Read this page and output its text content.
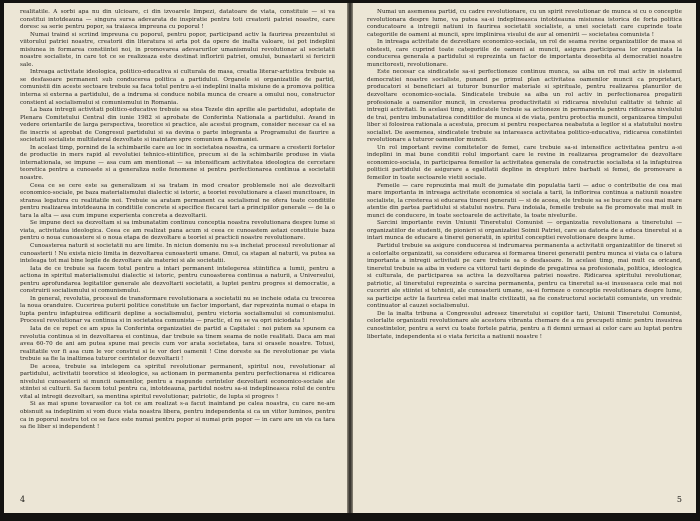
realitatile. A sorbi apa nu din ulcioare, ci din izvoarele limpezi, datatoare de viata, constituie — si va constitui intotdeauna — singura sursa adevarata de inspiratie pentru toti creatorii patriei noastre, care doresc sa serie pentru popor, sa traiasca impreuna cu poporul !

Numai traind si scriind impreuna cu poporul, pentru popor, participand activ la faurirea prezentului si viitorului patriei noastre, creatorii din literatura si arta pot da opere de inalta valoare, isi pot indeplini misiunea in formarea constiintei noi, in promovarea adevarurilor umanismului revolutionar al societatii noastre socialiste, in care tot ce se realizeaza este destinat infloririi patriei, omului, bunastarii si fericirii sale.

Intreaga activitate ideologica, politico-educativa si culturala de masa, creatia literar-artistica trebuie sa se desfasoare permanent sub conducerea politica a partidului. Organele si organizatiile de partid, comunistii din aceste sectoare trebuie sa faca totul pentru a-si indeplini inalta misiune de a promova politica interna si externa a partidului, de a indruma si conduce nobila munca de creare a omului nou, constructor constient al socialismului si comunismului in Romania.

La baza intregii activitati politico-educative trebuie sa stea Tezele din aprilie ale partidului, adoptate de Plenara Comitetului Central din iunie 1982 si aprobate de Conferinta Nationala a partidului. Avand in vedere orientarile de larga perspectiva, teoretice si practice, ale acestui program, consider necesar ca el sa fie inscris si aprobat de Congresul partidului si sa devina o parte integranta a Programului de faurire a societatii socialiste multilateral dezvoltate si inaintare spre comunism a Romaniei.

In acelasi timp, pornind de la schimbarile care au loc in societatea noastra, ca urmare a cresterii fortelor de productie in mers rapid al revolutiei tehnico-stiintifice, precum si de la schimbarile produse in viata internationala, se impune — asa cum am mentionat — sa intensificam activitatea ideologica de cercetare teoretica pentru a cunoaste si a generaliza noile fenomene si pentru perfectionarea continua a societatii noastre.

Ceea ce se cere este sa generalizam si sa tratam in mod creator problemele noi ale dezvoltarii economico-sociale, pe baza materialismului dialectic si istoric, a teoriei revolutionare a clasei muncitoare, in stransa legatura cu realitatile noi. Trebuie sa aratam permanent ca socialismul ne ofera toate conditiile pentru realizarea intotdeauna in conditiile concrete si specifice fiecarei tari a principiilor generale — de la o tara la alta — asa cum impune experienta concreta a dezvoltarii.

Se impune deci sa dezvoltam si sa imbunatatim continuu conceptia noastra revolutionara despre lume si viata, activitatea ideologica. Ceea ce am realizat pana acum si ceea ce cunoastem astazi constituie baza pentru o noua cunoastere si o noua etapa de dezvoltare a teoriei si practicii noastre revolutionare.

Cunoasterea naturii si societatii nu are limite. In niciun domeniu nu s-a incheiat procesul revolutionar al cunoasterii ! Nu exista nicio limita in dezvoltarea cunoasterii umane. Omul, ca stapan al naturii, va putea sa inteleaga tot mai bine legile de dezvoltare ale materiei si ale societatii.

Iata de ce trebuie sa facem totul pentru a intari permanent intelegerea stiintifica a lumii, pentru a actiona in spiritul materialismului dialectic si istoric, pentru cunoasterea continua a naturii, a Universului, pentru aprofundarea legitatilor generale ale dezvoltarii societatii, a luptei pentru progres si democratie, a construirii socialismului si comunismului.

In general, revolutia, procesul de transformare revolutionara a societatii nu se incheie odata cu trecerea la noua oranduire. Cucerirea puterii politice constituie un factor important, dar reprezinta numai o etapa in lupta pentru infaptuirea edificarii depline a socialismului, pentru victoria socialismului si comunismului. Procesul revolutionar va continua si in societatea comunista — practic, el nu se va opri niciodata !

Iata de ce repet ce am spus la Conferinta organizatiei de partid a Capitalei : noi putem sa spunem ca revolutia continua si in dezvoltarea ei continua, dar trebuie sa tinem seama de noile realitati. Daca am mai avea 60-70 de ani am putea spune mai precis cum vor arata societatea, tara si orasele noastre. Totusi, realitatile vor fi asa cum le vor construi si le vor dori oamenii ! Cine doreste sa fie revolutionar pe viata trebuie sa fie la inaltimea tuturor cerintelor dezvoltarii !

De aceea, trebuie sa intelegem ca spiritul revolutionar permanent, spiritul nou, revolutionar al partidului, activitatii teoretice si ideologice, sa actionam in permanenta pentru perfectionarea si ridicarea nivelului cunoasterii si muncii oamenilor, pentru a raspunde cerintelor dezvoltarii economico-sociale ale stiintei si culturii. Sa facem totul pentru ca, intotdeauna, partidul nostru sa-si indeplineasca rolul de centru vital al intregii dezvoltari, sa mentina spiritul revolutionar, patriotic, de lupta si progres !

Si as mai spune tovarasilor ca tot ce am realizat s-a facut inaintand pe calea noastra, cu care ne-am obisnuit sa indeplinim si vom duce viata noastra libera, pentru independenta si ca un viitor luminos, pentru ca in poporul nostru tot ce se face este numai pentru popor si numai prin popor — in care are un vis ca tara sa fie liber si independent !

4

Numai un asemenea partid, cu cadre revolutionare, cu un spirit revolutionar de munca si cu o conceptie revolutionara despre lume, va putea sa-si indeplineasca intotdeauna misiunea istorica de forta politica conducatoare a intregii natiuni in faurirea societatii socialiste, a unei societati care cuprinde toate categoriile de oameni ai muncii, spre implinirea visului de aur al omenirii — societatea comunista !

In intreaga activitate de dezvoltare economico-sociala, un rol de seama revine organizatiilor de masa si obstesti, care cuprind toate categoriile de oameni ai muncii, asigura participarea lor organizata la conducerea generala a partidului si reprezinta un factor de importanta deosebita al democratiei noastre muncitoresti, revolutionare.

Este necesar ca sindicatele sa-si perfectioneze continuu munca, sa aiba un rol mai activ in sistemul democratiei noastre socialiste, punand pe primul plan activitatea oamenilor muncii ca proprietari, producatori si beneficiari ai tuturor bunurilor materiale si spirituale, pentru realizarea planurilor de dezvoltare economico-sociala. Sindicatele trebuie sa aiba un rol activ in perfectionarea pregatirii profesionale a oamenilor muncii, in cresterea productivitatii si ridicarea nivelului calitativ si tehnic al intregii activitati. In acelasi timp, sindicatele trebuie sa actioneze in permanenta pentru ridicarea nivelului de trai, pentru imbunatatirea conditiilor de munca si de viata, pentru protectia muncii, organizarea timpului liber si folosirea rationala a acestuia, precum si pentru respectarea neabatuta a legilor si a statutului nostru socialist. De asemenea, sindicatele trebuie sa intareasca activitatea politico-educativa, ridicarea constiintei revolutionare a tuturor oamenilor muncii.

Un rol important revine comitetelor de femei, care trebuie sa-si intensifice activitatea pentru a-si indeplini in mai bune conditii rolul important care le revine in realizarea programelor de dezvoltare economico-sociala, in participarea femeilor la activitatea generala de constructie socialista si la infaptuirea politicii partidului de asigurare a egalitatii depline in drepturi intre barbati si femei, de promovare a femeilor in toate sectoarele vietii sociale.

Femeile — care reprezinta mai mult de jumatate din populatia tarii — aduc o contributie de cea mai mare importanta in intreaga activitate economica si sociala a tarii, la inflorirea continua a natiunii noastre socialiste, la cresterea si educarea tinerei generatii — si de aceea, ele trebuie sa se bucure de cea mai mare atentie din partea partidului si statului nostru. Fara indoiala, femeile trebuie sa fie promovate mai mult in munci de conducere, in toate sectoarele de activitate, la toate nivelurile.

Sarcini importante revin Uniunii Tineretului Comunist — organizatia revolutionara a tineretului — organizatiilor de studenti, de pionieri si organizatiei Soimii Patriei, care au datoria de a educa tineretul si a intari munca de educare a tinerei generatii, in spiritul conceptiei revolutionare despre lume.

Partidul trebuie sa asigure conducerea si indrumarea permanenta a activitatii organizatiilor de tineret si a celorlalte organizatii, sa considere educarea si formarea tinerei generatii pentru munca si viata ca o latura importanta a intregii activitati pe care trebuie sa o desfasoare. In acelasi timp, mai mult ca oricand, tineretul trebuie sa aiba in vedere ca viitorul tarii depinde de pregatirea sa profesionala, politica, ideologica si culturala, de participarea sa activa la dezvoltarea patriei noastre. Ridicarea spiritului revolutionar, patriotic, al tineretului reprezinta o sarcina permanenta, pentru ca tineretul sa-si insuseasca cele mai noi cuceriri ale stiintei si tehnicii, ale cunoasterii umane, sa-si formeze o conceptie revolutionara despre lume, sa participe activ la faurirea celei mai inalte civilizatii, sa fie constructorul societatii comuniste, un vrednic continuator al cauzei socialismului.

De la inalta tribuna a Congresului adresez tineretului si copiilor tarii, Uniunii Tineretului Comunist, celorlalte organizatii revolutionare ale acestora vibranta chemare de a nu precupeti nimic pentru insusirea cunostintelor, pentru a servi cu toate fortele patria, pentru a fi demni urmasi ai celor care au luptat pentru libertate, independenta si o viata fericita a natiunii noastre !

5
